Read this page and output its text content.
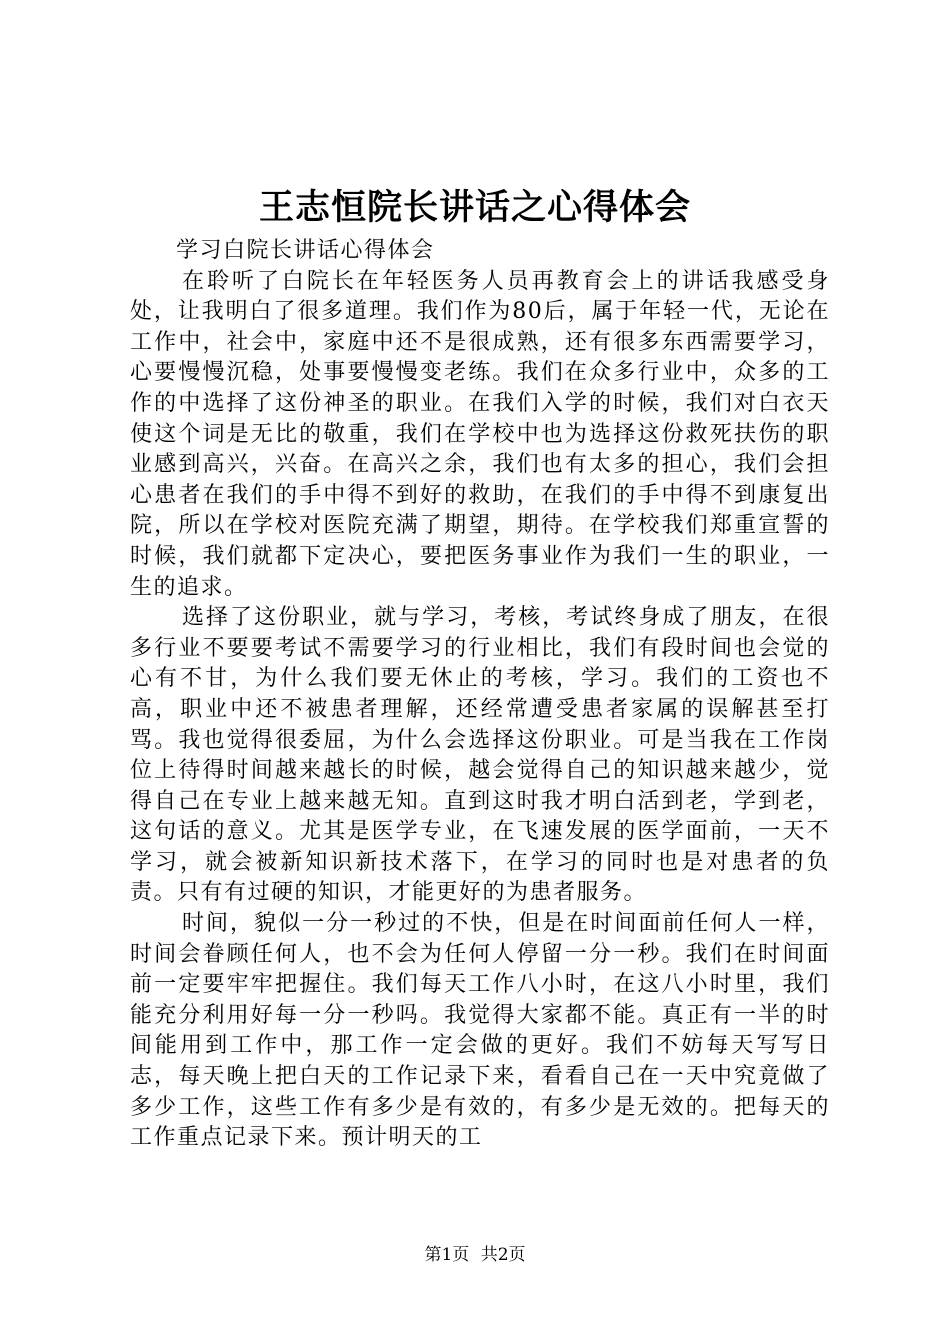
王志恒院长讲话之心得体会

学习白院长讲话心得体会

在聆听了白院长在年轻医务人员再教育会上的讲话我感受身处，让我明白了很多道理。我们作为80后，属于年轻一代，无论在工作中，社会中，家庭中还不是很成熟，还有很多东西需要学习，心要慢慢沉稳，处事要慢慢变老练。我们在众多行业中，众多的工作的中选择了这份神圣的职业。在我们入学的时候，我们对白衣天使这个词是无比的敬重，我们在学校中也为选择这份救死扶伤的职业感到高兴，兴奋。在高兴之余，我们也有太多的担心，我们会担心患者在我们的手中得不到好的救助，在我们的手中得不到康复出院，所以在学校对医院充满了期望，期待。在学校我们郑重宣誓的时候，我们就都下定决心，要把医务事业作为我们一生的职业，一生的追求。

选择了这份职业，就与学习，考核，考试终身成了朋友，在很多行业不要要考试不需要学习的行业相比，我们有段时间也会觉的心有不甘，为什么我们要无休止的考核，学习。我们的工资也不高，职业中还不被患者理解，还经常遭受患者家属的误解甚至打骂。我也觉得很委屈，为什么会选择这份职业。可是当我在工作岗位上待得时间越来越长的时候，越会觉得自己的知识越来越少，觉得自己在专业上越来越无知。直到这时我才明白活到老，学到老，这句话的意义。尤其是医学专业，在飞速发展的医学面前，一天不学习，就会被新知识新技术落下，在学习的同时也是对患者的负责。只有有过硬的知识，才能更好的为患者服务。

时间，貌似一分一秒过的不快，但是在时间面前任何人一样，时间会眷顾任何人，也不会为任何人停留一分一秒。我们在时间面前一定要牢牢把握住。我们每天工作八小时，在这八小时里，我们能充分利用好每一分一秒吗。我觉得大家都不能。真正有一半的时间能用到工作中，那工作一定会做的更好。我们不妨每天写写日志，每天晚上把白天的工作记录下来，看看自己在一天中究竟做了多少工作，这些工作有多少是有效的，有多少是无效的。把每天的工作重点记录下来。预计明天的工

第1页 共2页
